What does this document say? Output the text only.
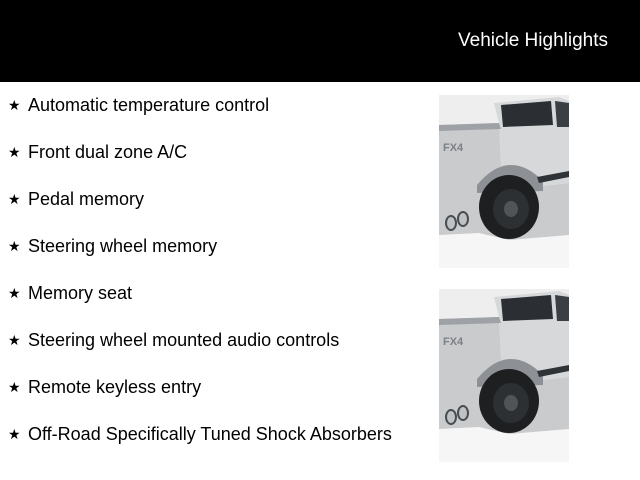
Vehicle Highlights
★ Automatic temperature control
★ Front dual zone A/C
★ Pedal memory
★ Steering wheel memory
★ Memory seat
★ Steering wheel mounted audio controls
★ Remote keyless entry
★ Off-Road Specifically Tuned Shock Absorbers
FX4
FX4
